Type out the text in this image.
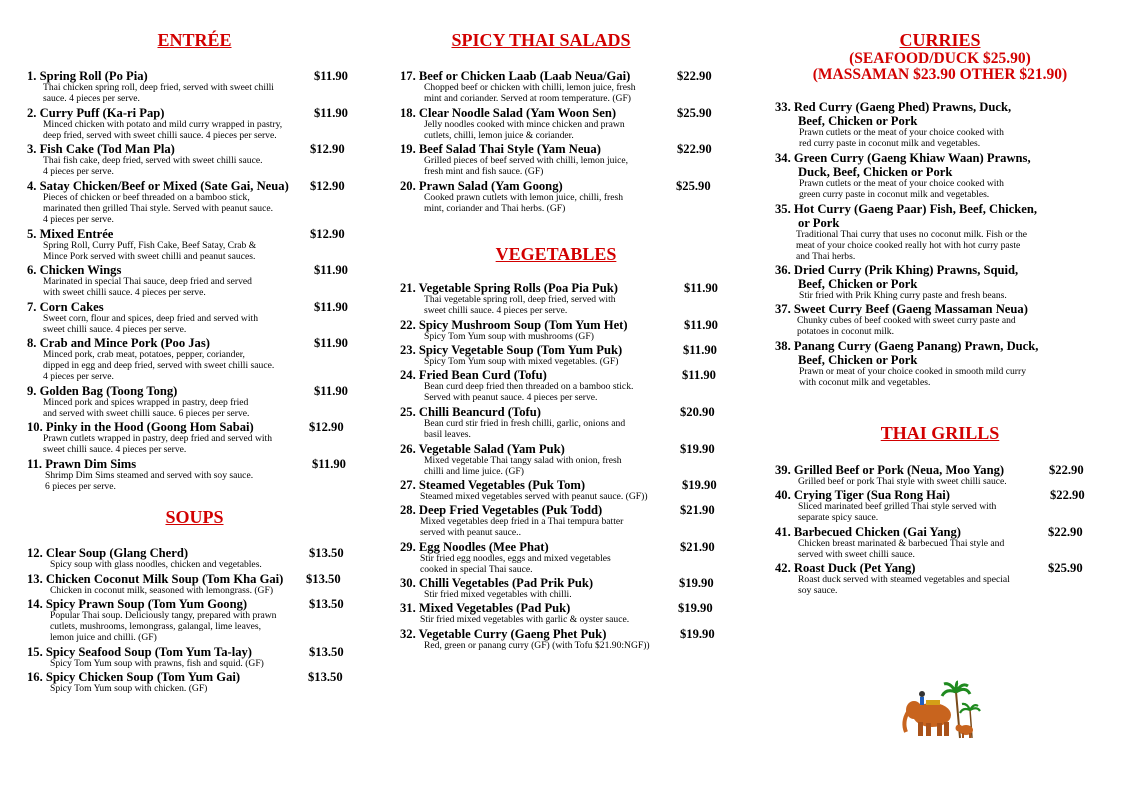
ENTRÉE
1. Spring Roll (Po Pia)	$11.90
Thai chicken spring roll, deep fried, served with sweet chilli
sauce. 4 pieces per serve.
2. Curry Puff (Ka-ri Pap)	$11.90
Minced chicken with potato and mild curry wrapped in pastry,
deep fried, served with sweet chilli sauce. 4 pieces per serve.
3. Fish Cake (Tod Man Pla)	$12.90
Thai fish cake, deep fried, served with sweet chilli sauce.
4 pieces per serve.
4. Satay Chicken/Beef or Mixed (Sate Gai, Neua) $12.90
Pieces of chicken or beef threaded on a bamboo stick,
marinated then grilled Thai style. Served with peanut sauce.
4 pieces per serve.
5. Mixed Entrée	$12.90
Spring Roll, Curry Puff, Fish Cake, Beef Satay, Crab &
Mince Pork served with sweet chilli and peanut sauces.
6. Chicken Wings	$11.90
Marinated in special Thai sauce, deep fried and served
with sweet chilli sauce. 4 pieces per serve.
7. Corn Cakes	$11.90
Sweet corn, flour and spices, deep fried and served with
sweet chilli sauce. 4 pieces per serve.
8. Crab and Mince Pork (Poo Jas)	$11.90
Minced pork, crab meat, potatoes, pepper, coriander,
dipped in egg and deep fried, served with sweet chilli sauce.
4 pieces per serve.
9. Golden Bag (Toong Tong)	$11.90
Minced pork and spices wrapped in pastry, deep fried
and served with sweet chilli sauce. 6 pieces per serve.
10. Pinky in the Hood (Goong Hom Sabai)	$12.90
Prawn cutlets wrapped in pastry, deep fried and served with
sweet chilli sauce. 4 pieces per serve.
11. Prawn Dim Sims	$11.90
Shrimp Dim Sims steamed and served with soy sauce.
6 pieces per serve.
SOUPS
12. Clear Soup (Glang Cherd)	$13.50
Spicy soup with glass noodles, chicken and vegetables.
13. Chicken Coconut Milk Soup (Tom Kha Gai) $13.50
Chicken in coconut milk, seasoned with lemongrass. (GF)
14. Spicy Prawn Soup (Tom Yum Goong)	$13.50
Popular Thai soup. Deliciously tangy, prepared with prawn
cutlets, mushrooms, lemongrass, galangal, lime leaves,
lemon juice and chilli. (GF)
15. Spicy Seafood Soup (Tom Yum Ta-lay)	$13.50
Spicy Tom Yum soup with prawns, fish and squid. (GF)
16. Spicy Chicken Soup (Tom Yum Gai)	$13.50
Spicy Tom Yum soup with chicken. (GF)
SPICY THAI SALADS
17. Beef or Chicken Laab (Laab Neua/Gai)	$22.90
Chopped beef or chicken with chilli, lemon juice, fresh
mint and coriander. Served at room temperature. (GF)
18. Clear Noodle Salad (Yam Woon Sen)	$25.90
Jelly noodles cooked with mince chicken and prawn
cutlets, chilli, lemon juice & coriander.
19. Beef Salad Thai Style (Yam Neua)	$22.90
Grilled pieces of beef served with chilli, lemon juice,
fresh mint and fish sauce. (GF)
20. Prawn Salad (Yam Goong)	$25.90
Cooked prawn cutlets with lemon juice, chilli, fresh
mint, coriander and Thai herbs. (GF)
VEGETABLES
21. Vegetable Spring Rolls (Poa Pia Puk)	$11.90
Thai vegetable spring roll, deep fried, served with
sweet chilli sauce. 4 pieces per serve.
22. Spicy Mushroom Soup (Tom Yum Het)	$11.90
Spicy Tom Yum soup with mushrooms (GF)
23. Spicy Vegetable Soup (Tom Yum Puk)	$11.90
Spicy Tom Yum soup with mixed vegetables. (GF)
24. Fried Bean Curd (Tofu)	$11.90
Bean curd deep fried then threaded on a bamboo stick.
Served with peanut sauce. 4 pieces per serve.
25. Chilli Beancurd (Tofu)	$20.90
Bean curd stir fried in fresh chilli, garlic, onions and
basil leaves.
26. Vegetable Salad (Yam Puk)	$19.90
Mixed vegetable Thai tangy salad with onion, fresh
chilli and lime juice. (GF)
27. Steamed Vegetables (Puk Tom)	$19.90
Steamed mixed vegetables served with peanut sauce. (GF))
28. Deep Fried Vegetables (Puk Todd)	$21.90
Mixed vegetables deep fried in a Thai tempura batter
served with peanut sauce..
29. Egg Noodles (Mee Phat)	$21.90
Stir fried egg noodles, eggs and mixed vegetables
cooked in special Thai sauce.
30. Chilli Vegetables (Pad Prik Puk)	$19.90
Stir fried mixed vegetables with chilli.
31. Mixed Vegetables (Pad Puk)	$19.90
Stir fried mixed vegetables with garlic & oyster sauce.
32. Vegetable Curry (Gaeng Phet Puk)	$19.90
Red, green or panang curry (GF) (with Tofu $21.90:NGF))
CURRIES
(SEAFOOD/DUCK $25.90)
(MASSAMAN $23.90 OTHER $21.90)
33. Red Curry (Gaeng Phed) Prawns, Duck,
Beef, Chicken or Pork
Prawn cutlets or the meat of your choice cooked with
red curry paste in coconut milk and vegetables.
34. Green Curry (Gaeng Khiaw Waan) Prawns,
Duck, Beef, Chicken or Pork
Prawn cutlets or the meat of your choice cooked with
green curry paste in coconut milk and vegetables.
35. Hot Curry (Gaeng Paar) Fish, Beef, Chicken,
or Pork
Traditional Thai curry that uses no coconut milk. Fish or the
meat of your choice cooked really hot with hot curry paste
and Thai herbs.
36. Dried Curry (Prik Khing) Prawns, Squid,
Beef, Chicken or Pork
Stir fried with Prik Khing curry paste and fresh beans.
37. Sweet Curry Beef (Gaeng Massaman Neua)
Chunky cubes of beef cooked with sweet curry paste and
potatoes in coconut milk.
38. Panang Curry (Gaeng Panang) Prawn, Duck,
Beef, Chicken or Pork
Prawn or meat of your choice cooked in smooth mild curry
with coconut milk and vegetables.
THAI GRILLS
39. Grilled Beef or Pork (Neua, Moo Yang)	$22.90
Grilled beef or pork Thai style with sweet chilli sauce.
40. Crying Tiger (Sua Rong Hai)	$22.90
Sliced marinated beef grilled Thai style served with
separate spicy sauce.
41. Barbecued Chicken (Gai Yang)	$22.90
Chicken breast marinated & barbecued Thai style and
served with sweet chilli sauce.
42. Roast Duck (Pet Yang)	$25.90
Roast duck served with steamed vegetables and special
soy sauce.
